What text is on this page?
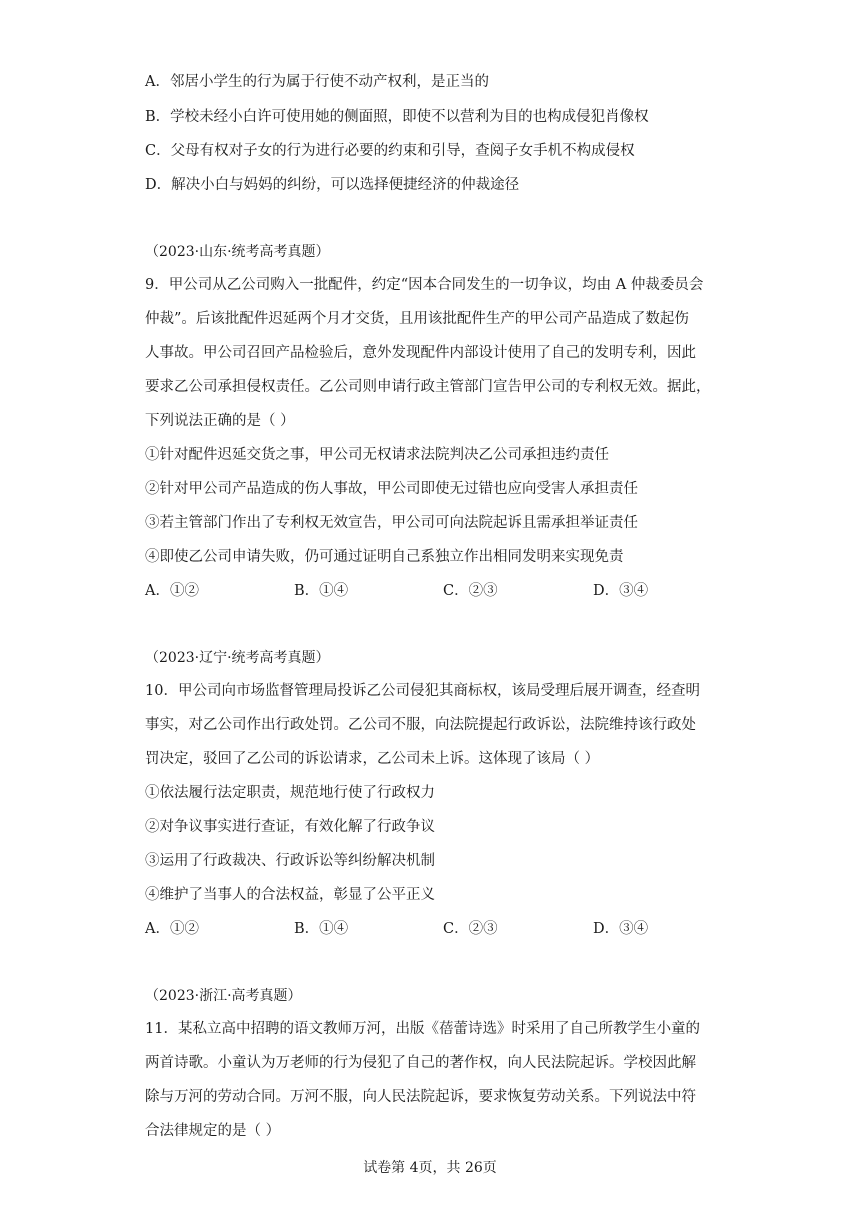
A．邻居小学生的行为属于行使不动产权利，是正当的
B．学校未经小白许可使用她的侧面照，即使不以营利为目的也构成侵犯肖像权
C．父母有权对子女的行为进行必要的约束和引导，查阅子女手机不构成侵权
D．解决小白与妈妈的纠纷，可以选择便捷经济的仲裁途径
（2023·山东·统考高考真题）
9．甲公司从乙公司购入一批配件，约定“因本合同发生的一切争议，均由 A 仲裁委员会
仲裁”。后该批配件迟延两个月才交货，且用该批配件生产的甲公司产品造成了数起伤
人事故。甲公司召回产品检验后，意外发现配件内部设计使用了自己的发明专利，因此
要求乙公司承担侵权责任。乙公司则申请行政主管部门宣告甲公司的专利权无效。据此，
下列说法正确的是（ ）
①针对配件迟延交货之事，甲公司无权请求法院判决乙公司承担违约责任
②针对甲公司产品造成的伤人事故，甲公司即使无过错也应向受害人承担责任
③若主管部门作出了专利权无效宣告，甲公司可向法院起诉且需承担举证责任
④即使乙公司申请失败，仍可通过证明自己系独立作出相同发明来实现免责
A．①②	B．①④	C．②③	D．③④
（2023·辽宁·统考高考真题）
10．甲公司向市场监督管理局投诉乙公司侵犯其商标权，该局受理后展开调查，经查明
事实，对乙公司作出行政处罚。乙公司不服，向法院提起行政诉讼，法院维持该行政处
罚决定，驳回了乙公司的诉讼请求，乙公司未上诉。这体现了该局（ ）
①依法履行法定职责，规范地行使了行政权力
②对争议事实进行查证，有效化解了行政争议
③运用了行政裁决、行政诉讼等纠纷解决机制
④维护了当事人的合法权益，彰显了公平正义
A．①②	B．①④	C．②③	D．③④
（2023·浙江·高考真题）
11．某私立高中招聘的语文教师万河，出版《蓓蕾诗选》时采用了自己所教学生小童的
两首诗歌。小童认为万老师的行为侵犯了自己的著作权，向人民法院起诉。学校因此解
除与万河的劳动合同。万河不服，向人民法院起诉，要求恢复劳动关系。下列说法中符
合法律规定的是（ ）
试卷第 4页，共 26页
